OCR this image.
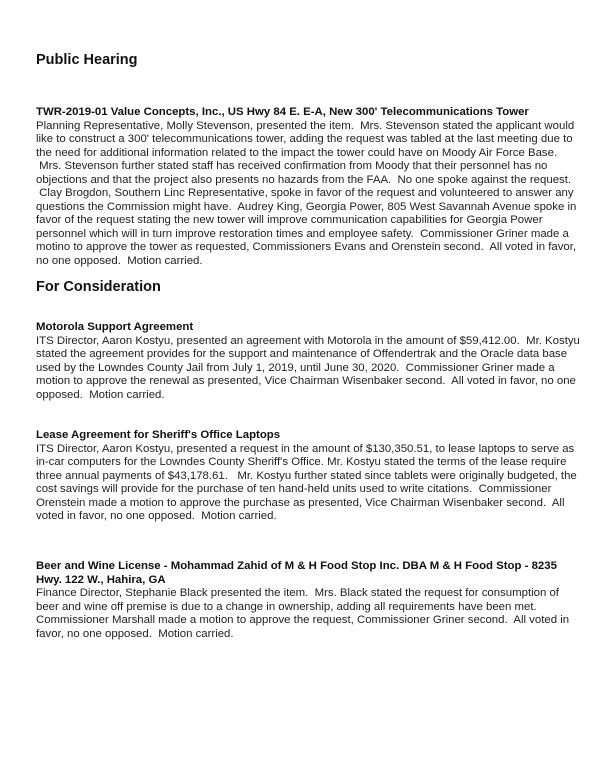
Public Hearing
TWR-2019-01 Value Concepts, Inc., US Hwy 84 E. E-A, New 300' Telecommunications Tower
Planning Representative, Molly Stevenson, presented the item.  Mrs. Stevenson stated the applicant would
like to construct a 300' telecommunications tower, adding the request was tabled at the last meeting due to
the need for additional information related to the impact the tower could have on Moody Air Force Base.
Mrs. Stevenson further stated staff has received confirmation from Moody that their personnel has no
objections and that the project also presents no hazards from the FAA.  No one spoke against the request.
Clay Brogdon, Southern Linc Representative, spoke in favor of the request and volunteered to answer any
questions the Commission might have.  Audrey King, Georgia Power, 805 West Savannah Avenue spoke in
favor of the request stating the new tower will improve communication capabilities for Georgia Power
personnel which will in turn improve restoration times and employee safety.  Commissioner Griner made a
motino to approve the tower as requested, Commissioners Evans and Orenstein second.  All voted in favor,
no one opposed.  Motion carried.
For Consideration
Motorola Support Agreement
ITS Director, Aaron Kostyu, presented an agreement with Motorola in the amount of $59,412.00.  Mr. Kostyu
stated the agreement provides for the support and maintenance of Offendertrak and the Oracle data base
used by the Lowndes County Jail from July 1, 2019, until June 30, 2020.  Commissioner Griner made a
motion to approve the renewal as presented, Vice Chairman Wisenbaker second.  All voted in favor, no one
opposed.  Motion carried.
Lease Agreement for Sheriff's Office Laptops
ITS Director, Aaron Kostyu, presented a request in the amount of $130,350.51, to lease laptops to serve as
in-car computers for the Lowndes County Sheriff's Office. Mr. Kostyu stated the terms of the lease require
three annual payments of $43,178.61.   Mr. Kostyu further stated since tablets were originally budgeted, the
cost savings will provide for the purchase of ten hand-held units used to write citations.  Commissioner
Orenstein made a motion to approve the purchase as presented, Vice Chairman Wisenbaker second.  All
voted in favor, no one opposed.  Motion carried.
Beer and Wine License - Mohammad Zahid of M & H Food Stop Inc. DBA M & H Food Stop - 8235
Hwy. 122 W., Hahira, GA
Finance Director, Stephanie Black presented the item.  Mrs. Black stated the request for consumption of
beer and wine off premise is due to a change in ownership, adding all requirements have been met.
Commissioner Marshall made a motion to approve the request, Commissioner Griner second.  All voted in
favor, no one opposed.  Motion carried.
